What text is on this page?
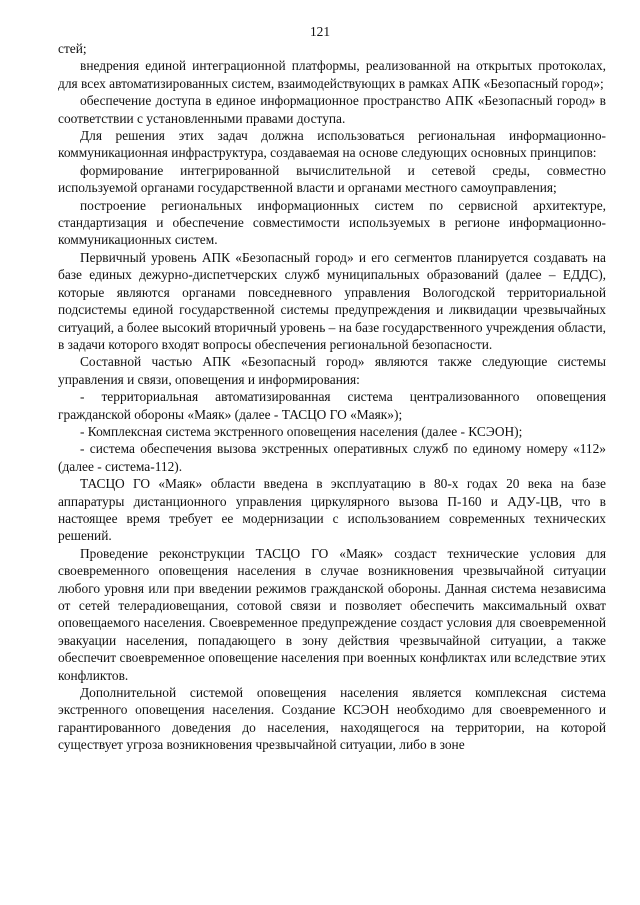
121

стей;

внедрения единой интеграционной платформы, реализованной на открытых протоколах, для всех автоматизированных систем, взаимодействующих в рамках АПК «Безопасный город»;

обеспечение доступа в единое информационное пространство АПК «Безопасный город» в соответствии с установленными правами доступа.

Для решения этих задач должна использоваться региональная информационно-коммуникационная инфраструктура, создаваемая на основе следующих основных принципов:

формирование интегрированной вычислительной и сетевой среды, совместно используемой органами государственной власти и органами местного самоуправления;

построение региональных информационных систем по сервисной архитектуре, стандартизация и обеспечение совместимости используемых в регионе информационно-коммуникационных систем.

Первичный уровень АПК «Безопасный город» и его сегментов планируется создавать на базе единых дежурно-диспетчерских служб муниципальных образований (далее – ЕДДС), которые являются органами повседневного управления Вологодской территориальной подсистемы единой государственной системы предупреждения и ликвидации чрезвычайных ситуаций, а более высокий вторичный уровень – на базе государственного учреждения области, в задачи которого входят вопросы обеспечения региональной безопасности.

Составной частью АПК «Безопасный город» являются также следующие системы управления и связи, оповещения и информирования:

- территориальная автоматизированная система централизованного оповещения гражданской обороны «Маяк» (далее - ТАСЦО ГО «Маяк»);

- Комплексная система экстренного оповещения населения (далее - КСЭОН);

- система обеспечения вызова экстренных оперативных служб по единому номеру «112» (далее - система-112).

ТАСЦО ГО «Маяк» области введена в эксплуатацию в 80-х годах 20 века на базе аппаратуры дистанционного управления циркулярного вызова П-160 и АДУ-ЦВ, что в настоящее время требует ее модернизации с использованием современных технических решений.

Проведение реконструкции ТАСЦО ГО «Маяк» создаст технические условия для своевременного оповещения населения в случае возникновения чрезвычайной ситуации любого уровня или при введении режимов гражданской обороны. Данная система независима от сетей телерадиовещания, сотовой связи и позволяет обеспечить максимальный охват оповещаемого населения. Своевременное предупреждение создаст условия для своевременной эвакуации населения, попадающего в зону действия чрезвычайной ситуации, а также обеспечит своевременное оповещение населения при военных конфликтах или вследствие этих конфликтов.

Дополнительной системой оповещения населения является комплексная система экстренного оповещения населения. Создание КСЭОН необходимо для своевременного и гарантированного доведения до населения, находящегося на территории, на которой существует угроза возникновения чрезвычайной ситуации, либо в зоне
